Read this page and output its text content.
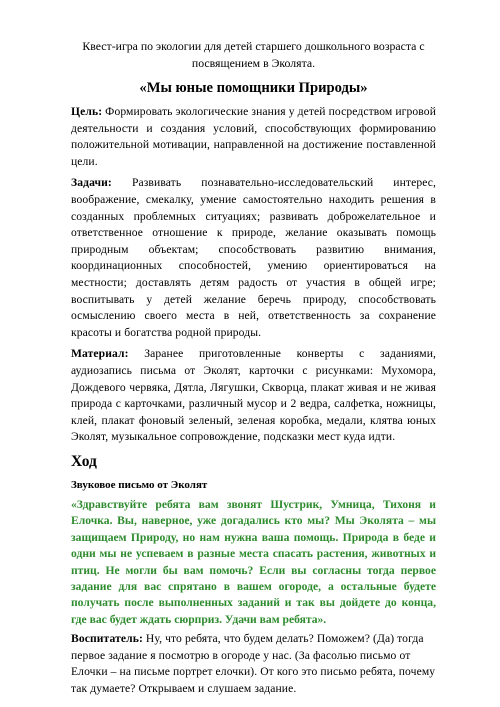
Квест-игра по экологии для детей старшего дошкольного возраста с посвящением в Эколята.

«Мы юные помощники Природы»

Цель: Формировать экологические знания у детей посредством игровой деятельности и создания условий, способствующих формированию положительной мотивации, направленной на достижение поставленной цели.

Задачи: Развивать познавательно-исследовательский интерес, воображение, смекалку, умение самостоятельно находить решения в созданных проблемных ситуациях; развивать доброжелательное и ответственное отношение к природе, желание оказывать помощь природным объектам; способствовать развитию внимания, координационных способностей, умению ориентироваться на местности; доставлять детям радость от участия в общей игре; воспитывать у детей желание беречь природу, способствовать осмыслению своего места в ней, ответственность за сохранение красоты и богатства родной природы.

Материал: Заранее приготовленные конверты с заданиями, аудиозапись письма от Эколят, карточки с рисунками: Мухомора, Дождевого червяка, Дятла, Лягушки, Скворца, плакат живая и не живая природа с карточками, различный мусор и 2 ведра, салфетка, ножницы, клей, плакат фоновый зеленый, зеленая коробка, медали, клятва юных Эколят, музыкальное сопровождение, подсказки мест куда идти.

Ход

Звуковое письмо от Эколят

«Здравствуйте ребята вам звонят Шустрик, Умница, Тихоня и Елочка. Вы, наверное, уже догадались кто мы? Мы Эколята – мы защищаем Природу, но нам нужна ваша помощь. Природа в беде и одни мы не успеваем в разные места спасать растения, животных и птиц. Не могли бы вам помочь? Если вы согласны тогда первое задание для вас спрятано в вашем огороде, а остальные будете получать после выполненных заданий и так вы дойдете до конца, где вас будет ждать сюрприз. Удачи вам ребята».

Воспитатель: Ну, что ребята, что будем делать? Поможем? (Да) тогда первое задание я посмотрю в огороде у нас. (За фасолью письмо от Елочки – на письме портрет елочки). От кого это письмо ребята, почему так думаете? Открываем и слушаем задание.
